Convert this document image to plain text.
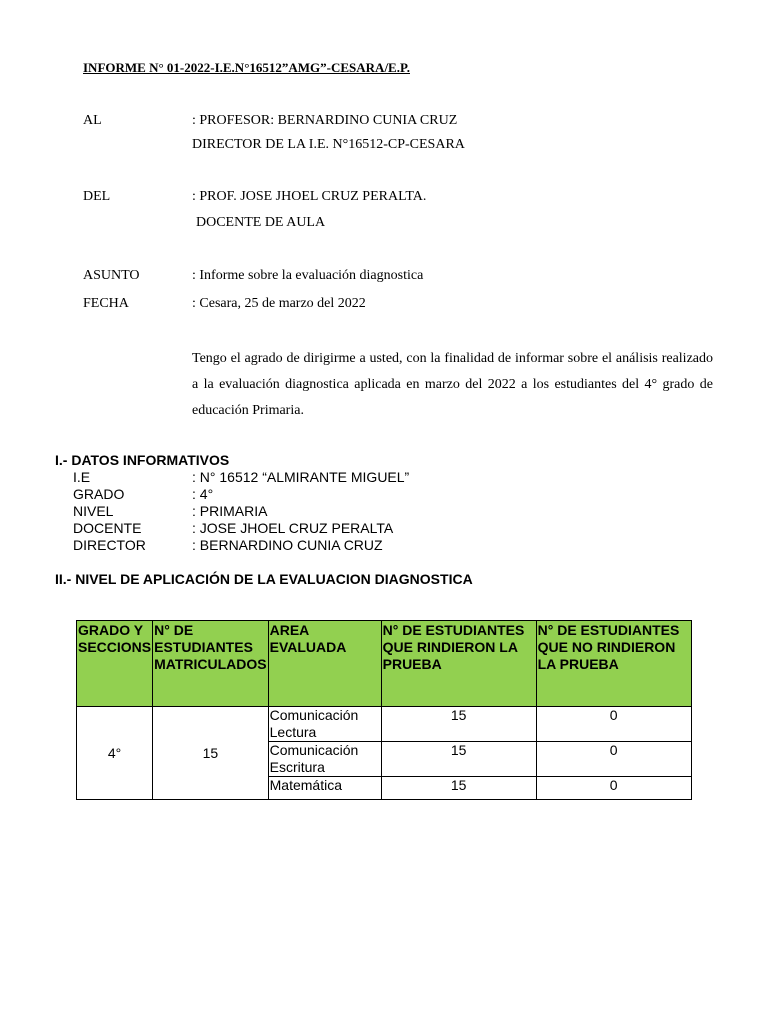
INFORME N° 01-2022-I.E.N°16512”AMG”-CESARA/E.P.
AL	: PROFESOR: BERNARDINO CUNIA CRUZ
DIRECTOR DE LA I.E. N°16512-CP-CESARA
DEL	: PROF. JOSE JHOEL CRUZ PERALTA.
DOCENTE DE AULA
ASUNTO	: Informe sobre la evaluación diagnostica
FECHA	: Cesara, 25 de marzo del 2022
Tengo el agrado de dirigirme a usted, con la finalidad de informar sobre el análisis realizado a la evaluación diagnostica aplicada en marzo del 2022 a los estudiantes del 4° grado de educación Primaria.
I.- DATOS INFORMATIVOS
I.E	: N° 16512 “ALMIRANTE MIGUEL”
GRADO	: 4°
NIVEL	: PRIMARIA
DOCENTE	: JOSE JHOEL CRUZ PERALTA
DIRECTOR	: BERNARDINO CUNIA CRUZ
II.- NIVEL DE APLICACIÓN DE LA EVALUACION DIAGNOSTICA
GRADO Y SECCIONS	N° DE ESTUDIANTES MATRICULADOS	AREA EVALUADA	N° DE ESTUDIANTES QUE RINDIERON LA PRUEBA	N° DE ESTUDIANTES QUE NO RINDIERON LA PRUEBA
4°	15	Comunicación Lectura	15	0
		Comunicación Escritura	15	0
		Matemática	15	0
